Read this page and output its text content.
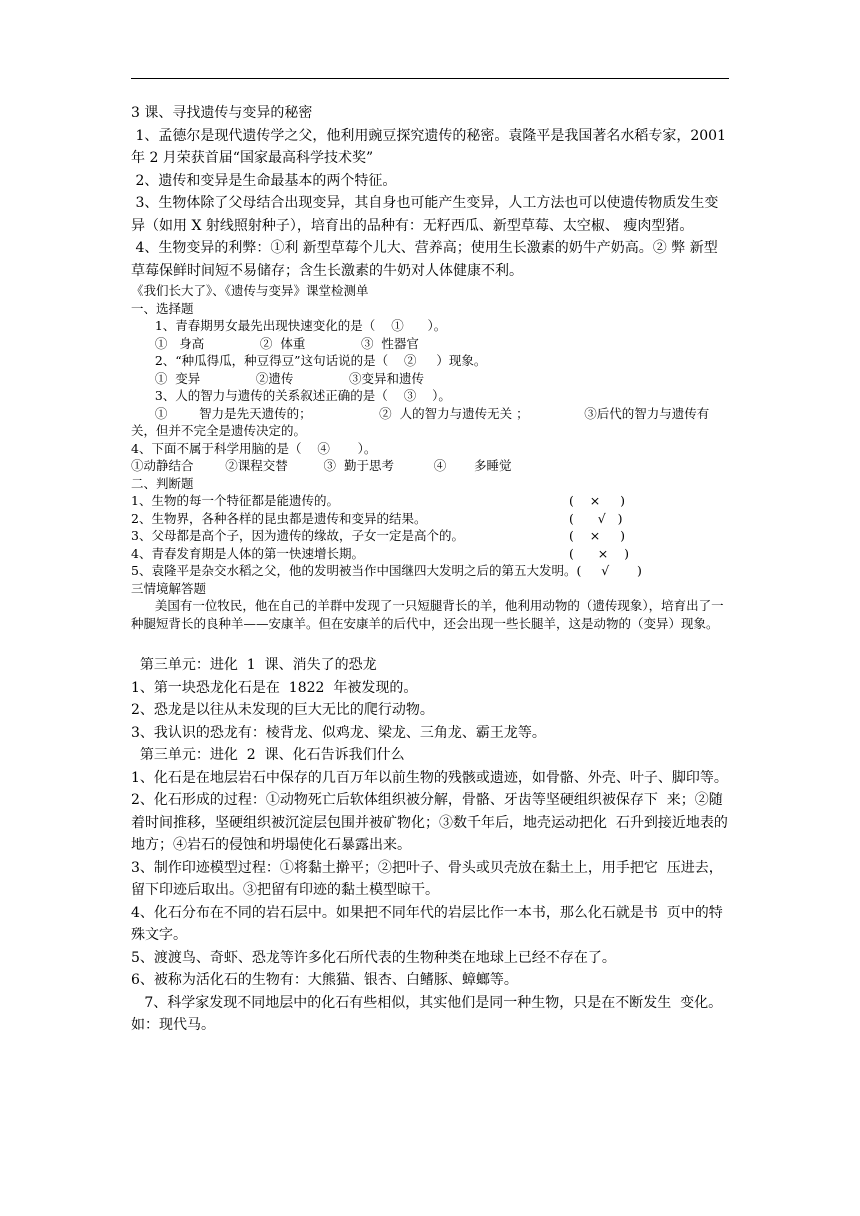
3 课、寻找遗传与变异的秘密

1、孟德尔是现代遗传学之父，他利用豌豆探究遗传的秘密。袁隆平是我国著名水稻专家，2001 年 2 月荣获首届“国家最高科学技术奖”

2、遗传和变异是生命最基本的两个特征。

3、生物体除了父母结合出现变异，其自身也可能产生变异，人工方法也可以使遗传物质发生变异（如用 X 射线照射种子），培育出的品种有：无籽西瓜、新型草莓、太空椒、 瘦肉型猪。

4、生物变异的利弊：①利 新型草莓个儿大、营养高；使用生长激素的奶牛产奶高。② 弊 新型草莓保鲜时间短不易储存；含生长激素的牛奶对人体健康不利。

《我们长大了》、《遗传与变异》课堂检测单

一、选择题

1、青春期男女最先出现快速变化的是（    ①      ）。

①   身高              ②  体重              ③  性器官

2、“种瓜得瓜，种豆得豆”这句话说的是（    ②     ）现象。

①  变异              ②遗传              ③变异和遗传

3、人的智力与遗传的关系叙述正确的是（    ③    ）。

①        智力是先天遗传的；                 ②  人的智力与遗传无关 ；              ③后代的智力与遗传有关，但并不完全是遗传决定的。

4、下面不属于科学用脑的是（    ④       ）。

①动静结合        ②课程交替         ③  勤于思考          ④       多睡觉

二、判断题

1、生物的每一个特征都是能遗传的。	(    ×     )
2、生物界，各种各样的昆虫都是遗传和变异的结果。	(      √   )
3、父母都是高个子，因为遗传的缘故，子女一定是高个的。	(    ×     )
4、青春发育期是人体的第一快速增长期。	(      ×    )

5、袁隆平是杂交水稻之父，他的发明被当作中国继四大发明之后的第五大发明。(     √       )

三情境解答题

美国有一位牧民，他在自己的羊群中发现了一只短腿背长的羊，他利用动物的（遗传现象），培育出了一种腿短背长的良种羊——安康羊。但在安康羊的后代中，还会出现一些长腿羊，这是动物的（变异）现象。

第三单元：进化  1  课、消失了的恐龙

1、第一块恐龙化石是在  1822  年被发现的。

2、恐龙是以往从未发现的巨大无比的爬行动物。

3、我认识的恐龙有：棱背龙、似鸡龙、梁龙、三角龙、霸王龙等。

第三单元：进化  2  课、化石告诉我们什么

1、化石是在地层岩石中保存的几百万年以前生物的残骸或遗迹，如骨骼、外壳、叶子、脚印等。

2、化石形成的过程：①动物死亡后软体组织被分解，骨骼、牙齿等坚硬组织被保存下  来；②随着时间推移，坚硬组织被沉淀层包围并被矿物化；③数千年后，地壳运动把化  石升到接近地表的地方；④岩石的侵蚀和坍塌使化石暴露出来。

3、制作印迹模型过程：①将黏土擀平；②把叶子、骨头或贝壳放在黏土上，用手把它  压进去，留下印迹后取出。③把留有印迹的黏土模型晾干。

4、化石分布在不同的岩石层中。如果把不同年代的岩层比作一本书，那么化石就是书  页中的特殊文字。

5、渡渡鸟、奇虾、恐龙等许多化石所代表的生物种类在地球上已经不存在了。

6、被称为活化石的生物有：大熊猫、银杏、白鳍豚、蟑螂等。

7、科学家发现不同地层中的化石有些相似，其实他们是同一种生物，只是在不断发生  变化。如：现代马。
